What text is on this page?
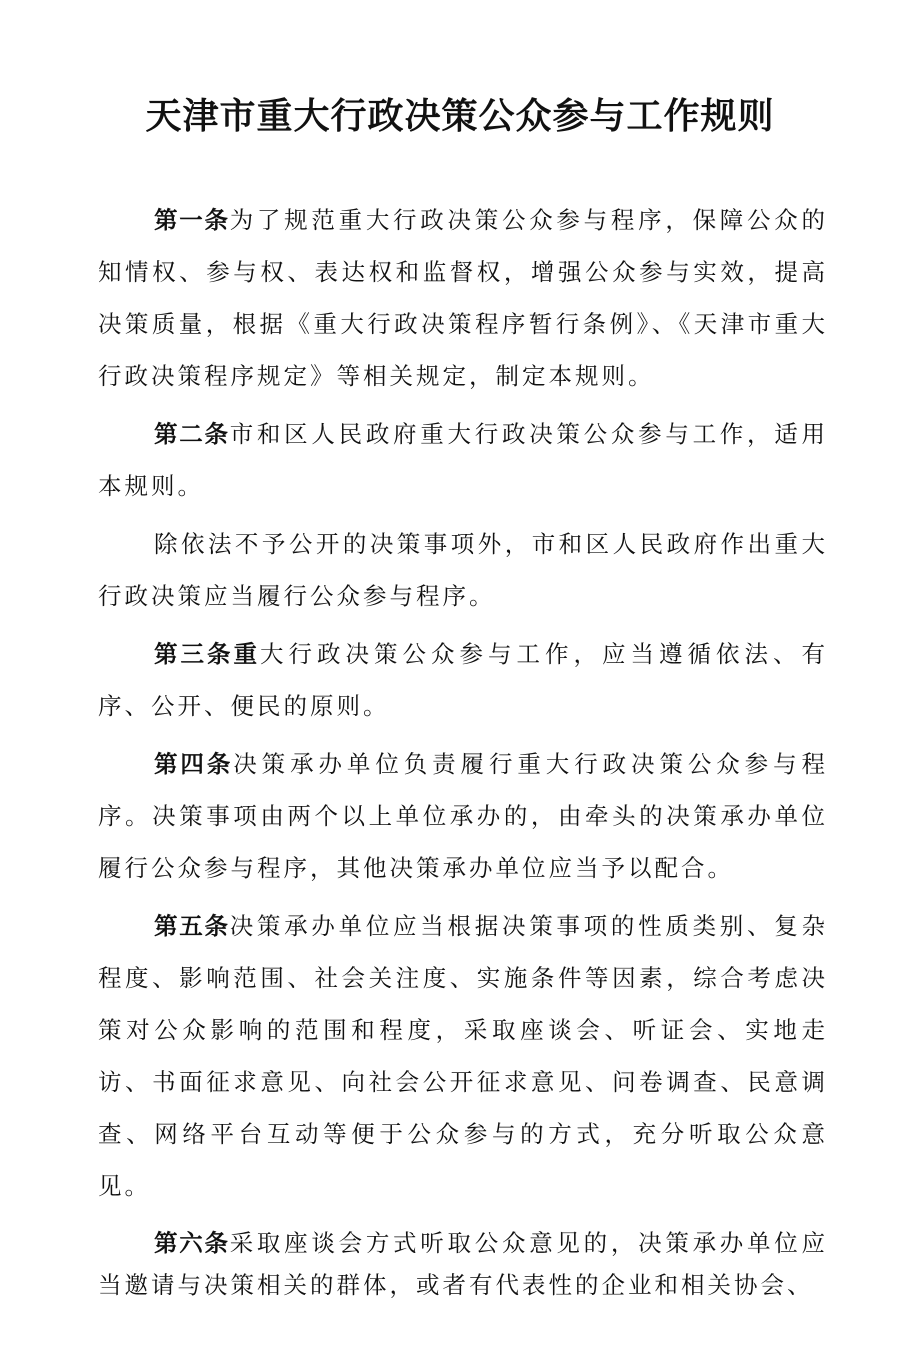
天津市重大行政决策公众参与工作规则

第一条为了规范重大行政决策公众参与程序，保障公众的知情权、参与权、表达权和监督权，增强公众参与实效，提高决策质量，根据《重大行政决策程序暂行条例》、《天津市重大行政决策程序规定》等相关规定，制定本规则。

第二条市和区人民政府重大行政决策公众参与工作，适用本规则。

除依法不予公开的决策事项外，市和区人民政府作出重大行政决策应当履行公众参与程序。

第三条重大行政决策公众参与工作，应当遵循依法、有序、公开、便民的原则。

第四条决策承办单位负责履行重大行政决策公众参与程序。决策事项由两个以上单位承办的，由牵头的决策承办单位履行公众参与程序，其他决策承办单位应当予以配合。

第五条决策承办单位应当根据决策事项的性质类别、复杂程度、影响范围、社会关注度、实施条件等因素，综合考虑决策对公众影响的范围和程度，采取座谈会、听证会、实地走访、书面征求意见、向社会公开征求意见、问卷调查、民意调查、网络平台互动等便于公众参与的方式，充分听取公众意见。

第六条采取座谈会方式听取公众意见的，决策承办单位应当邀请与决策相关的群体，或者有代表性的企业和相关协会、
